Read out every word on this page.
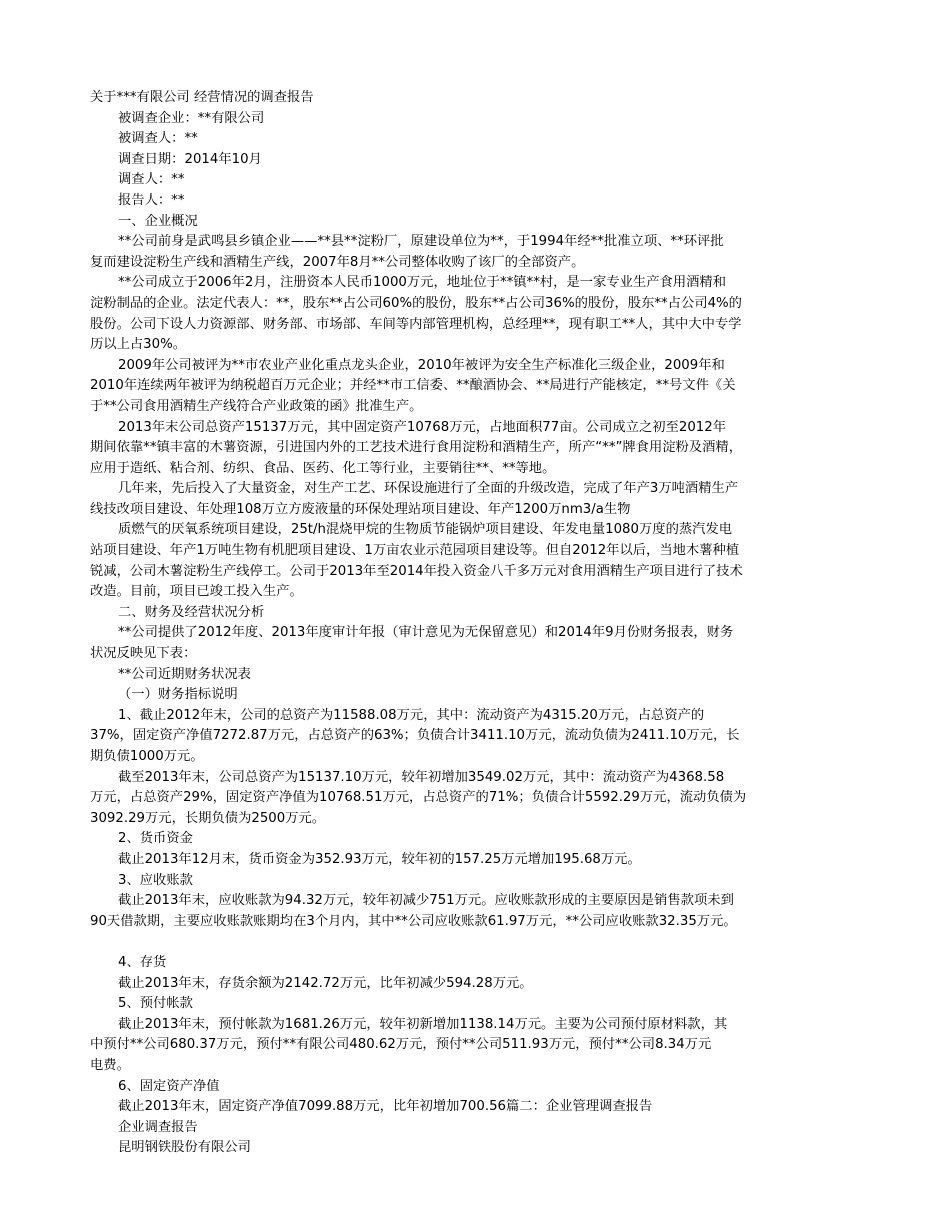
关于***有限公司 经营情况的调查报告
被调查企业：**有限公司
被调查人：**
调查日期：2014年10月
调查人：**
报告人：**
一、企业概况
**公司前身是武鸣县乡镇企业——**县**淀粉厂，原建设单位为**，于1994年经**批准立项、**环评批
复而建设淀粉生产线和酒精生产线，2007年8月**公司整体收购了该厂的全部资产。
**公司成立于2006年2月，注册资本人民币1000万元，地址位于**镇**村，是一家专业生产食用酒精和
淀粉制品的企业。法定代表人：**，股东**占公司60%的股份，股东**占公司36%的股份，股东**占公司4%的
股份。公司下设人力资源部、财务部、市场部、车间等内部管理机构，总经理**，现有职工**人，其中大中专学
历以上占30%。
2009年公司被评为**市农业产业化重点龙头企业，2010年被评为安全生产标准化三级企业，2009年和
2010年连续两年被评为纳税超百万元企业；并经**市工信委、**酿酒协会、**局进行产能核定，**号文件《关
于**公司食用酒精生产线符合产业政策的函》批准生产。
2013年末公司总资产15137万元，其中固定资产10768万元，占地面积77亩。公司成立之初至2012年
期间依靠**镇丰富的木薯资源，引进国内外的工艺技术进行食用淀粉和酒精生产，所产“**”牌食用淀粉及酒精，
应用于造纸、粘合剂、纺织、食品、医药、化工等行业，主要销往**、**等地。
几年来，先后投入了大量资金，对生产工艺、环保设施进行了全面的升级改造，完成了年产3万吨酒精生产
线技改项目建设、年处理108万立方废液量的环保处理站项目建设、年产1200万nm3/a生物
质燃气的厌氧系统项目建设，25t/h混烧甲烷的生物质节能锅炉项目建设、年发电量1080万度的蒸汽发电
站项目建设、年产1万吨生物有机肥项目建设、1万亩农业示范园项目建设等。但自2012年以后，当地木薯种植
锐减，公司木薯淀粉生产线停工。公司于2013年至2014年投入资金八千多万元对食用酒精生产项目进行了技术
改造。目前，项目已竣工投入生产。
二、财务及经营状况分析
**公司提供了2012年度、2013年度审计年报（审计意见为无保留意见）和2014年9月份财务报表，财务
状况反映见下表：
**公司近期财务状况表
（一）财务指标说明
1、截止2012年末，公司的总资产为11588.08万元，其中：流动资产为4315.20万元，占总资产的
37%，固定资产净值7272.87万元，占总资产的63%；负债合计3411.10万元，流动负债为2411.10万元，长
期负债1000万元。
截至2013年末，公司总资产为15137.10万元，较年初增加3549.02万元，其中：流动资产为4368.58
万元，占总资产29%，固定资产净值为10768.51万元，占总资产的71%；负债合计5592.29万元，流动负债为
3092.29万元，长期负债为2500万元。
2、货币资金
截止2013年12月末，货币资金为352.93万元，较年初的157.25万元增加195.68万元。
3、应收账款
截止2013年末，应收账款为94.32万元，较年初减少751万元。应收账款形成的主要原因是销售款项未到
90天借款期，主要应收账款账期均在3个月内，其中**公司应收账款61.97万元，**公司应收账款32.35万元。
4、存货
截止2013年末，存货余额为2142.72万元，比年初减少594.28万元。
5、预付帐款
截止2013年末，预付帐款为1681.26万元，较年初新增加1138.14万元。主要为公司预付原材料款，其
中预付**公司680.37万元，预付**有限公司480.62万元，预付**公司511.93万元，预付**公司8.34万元
电费。
6、固定资产净值
截止2013年末，固定资产净值7099.88万元，比年初增加700.56篇二：企业管理调查报告
企业调查报告
昆明钢铁股份有限公司
